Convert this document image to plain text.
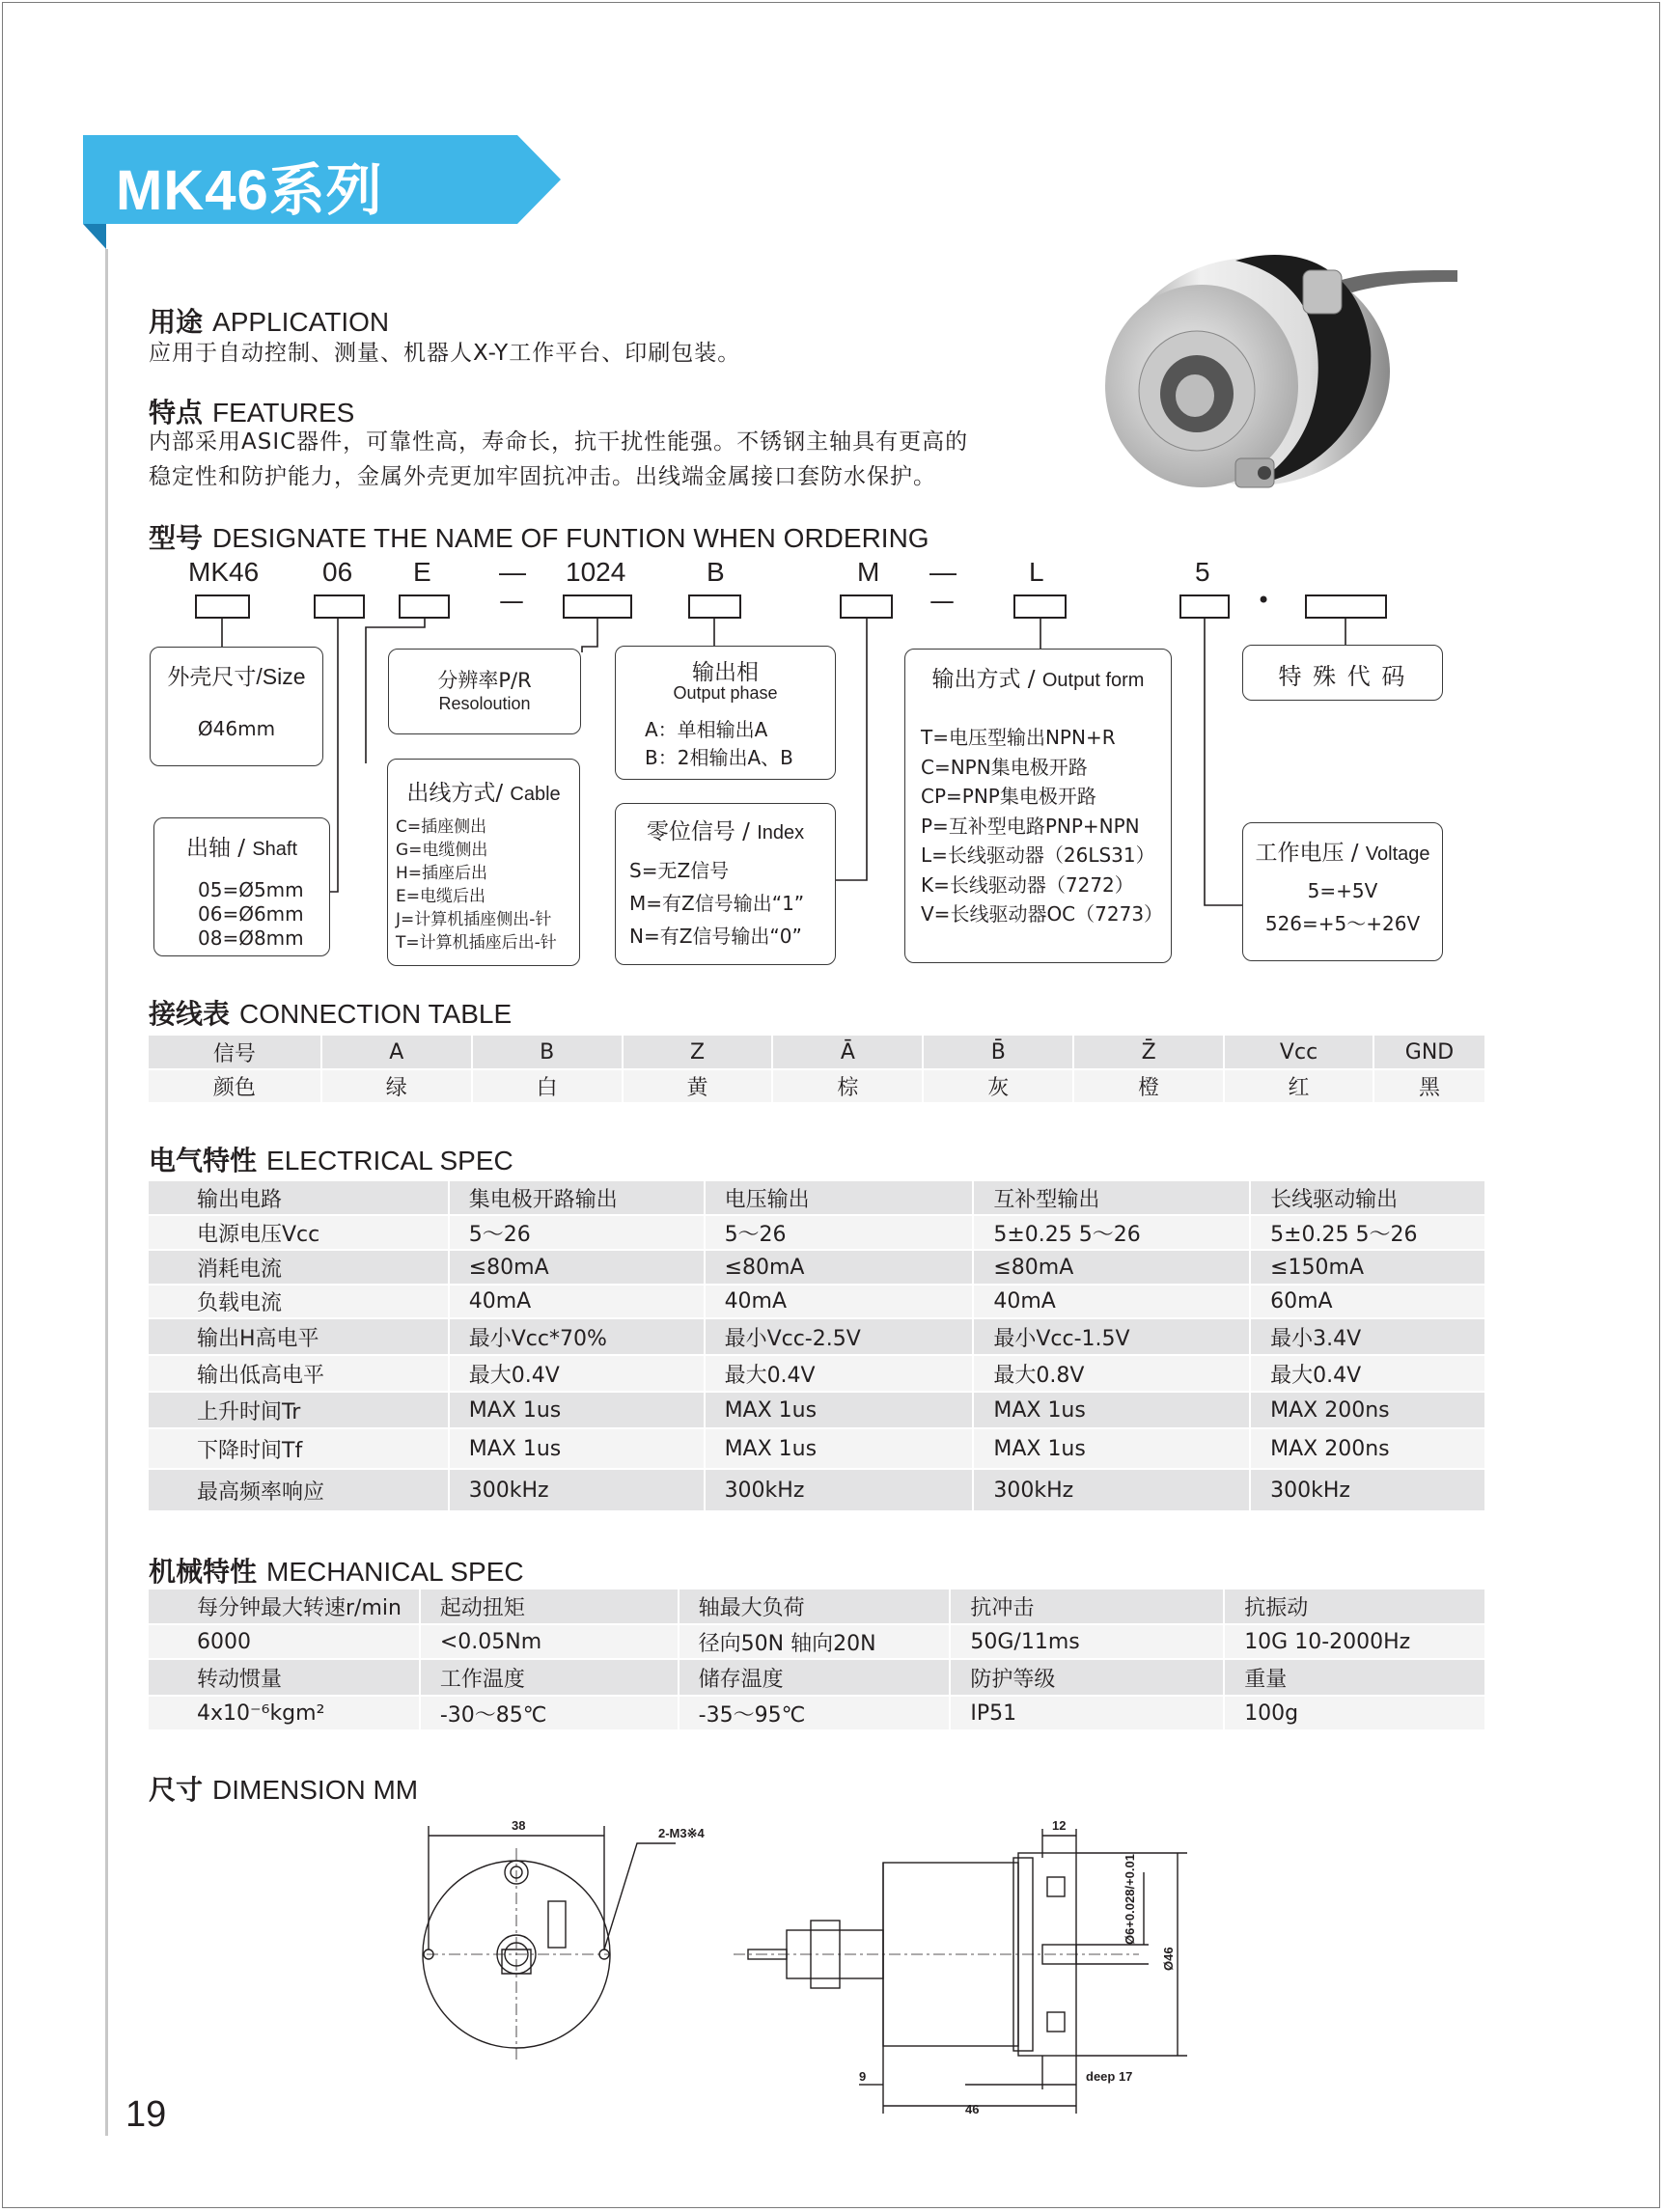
MK46系列
用途 APPLICATION
应用于自动控制、测量、机器人X-Y工作平台、印刷包装。
特点 FEATURES
内部采用ASIC器件，可靠性高，寿命长，抗干扰性能强。不锈钢主轴具有更高的
稳定性和防护能力，金属外壳更加牢固抗冲击。出线端金属接口套防水保护。
型号 DESIGNATE THE NAME OF FUNTION WHEN ORDERING
MK46 06 E	— 1024	B	M —	L	5
—	—	•
外壳尺寸/Size
Ø46mm
出轴 / Shaft
05=Ø5mm
06=Ø6mm
08=Ø8mm
分辨率P/R
Resoloution
出线方式/ Cable
C=插座侧出
G=电缆侧出
H=插座后出
E=电缆后出
J=计算机插座侧出-针
T=计算机插座后出-针
输出相
Output phase
A：单相输出A
B：2相输出A、B
零位信号 / Index
S=无Z信号
M=有Z信号输出“1”
N=有Z信号输出“0”
输出方式 / Output form
T=电压型输出NPN+R
C=NPN集电极开路
CP=PNP集电极开路
P=互补型电路PNP+NPN
L=长线驱动器（26LS31）
K=长线驱动器（7272）
V=长线驱动器OC（7273）
特 殊 代 码
工作电压 / Voltage
5=+5V
526=+5～+26V
接线表 CONNECTION TABLE
信号	A	B	Z	Ā	B̄	Z̄	Vcc	GND
颜色	绿	白	黄	棕	灰	橙	红	黑
电气特性 ELECTRICAL SPEC
输出电路	集电极开路输出	电压输出	互补型输出	长线驱动输出
电源电压Vcc	5～26	5～26	5±0.25 5～26	5±0.25 5～26
消耗电流	≤80mA	≤80mA	≤80mA	≤150mA
负载电流	40mA	40mA	40mA	60mA
输出H高电平	最小Vcc*70%	最小Vcc-2.5V	最小Vcc-1.5V	最小3.4V
输出低高电平	最大0.4V	最大0.4V	最大0.8V	最大0.4V
上升时间Tr	MAX 1us	MAX 1us	MAX 1us	MAX 200ns
下降时间Tf	MAX 1us	MAX 1us	MAX 1us	MAX 200ns
最高频率响应	300kHz	300kHz	300kHz	300kHz
机械特性 MECHANICAL SPEC
每分钟最大转速r/min	起动扭矩	轴最大负荷	抗冲击	抗振动
6000	<0.05Nm	径向50N 轴向20N	50G/11ms	10G 10-2000Hz
转动惯量	工作温度	储存温度	防护等级	重量
4x10⁻⁶kgm²	-30～85℃	-35～95℃	IP51	100g
尺寸 DIMENSION MM
38
2-M3※4
12
Ø6+0.028/+0.01
Ø46
9	deep 17
46
19
